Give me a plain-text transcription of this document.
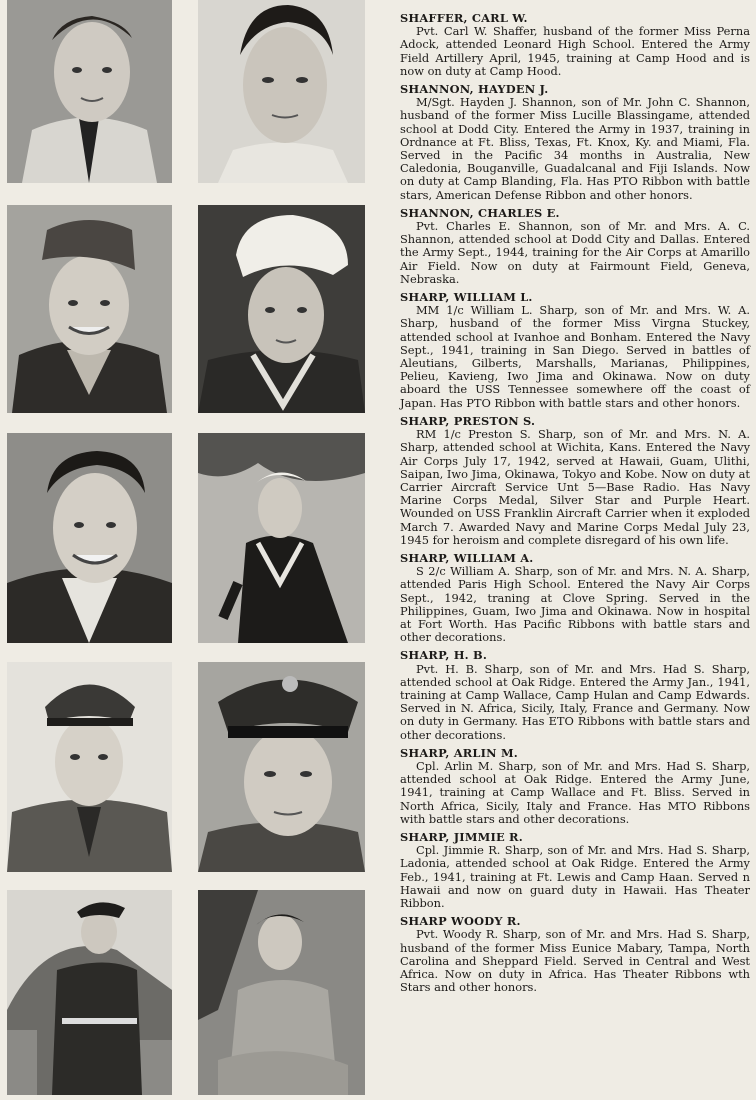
SHAFFER, CARL W.
Pvt. Carl W. Shaffer, husband of the former Miss Perna Adock, attended Leonard High School. Entered the Army Field Artillery April, 1945, training at Camp Hood and is now on duty at Camp Hood.
SHANNON, HAYDEN J.
M/Sgt. Hayden J. Shannon, son of Mr. John C. Shannon, husband of the former Miss Lucille Blassingame, attended school at Dodd City. Entered the Army in 1937, training in Ordnance at Ft. Bliss, Texas, Ft. Knox, Ky. and Miami, Fla. Served in the Pacific 34 months in Australia, New Caledonia, Bouganville, Guadalcanal and Fiji Islands. Now on duty at Camp Blanding, Fla. Has PTO Ribbon with battle stars, American Defense Ribbon and other honors.
SHANNON, CHARLES E.
Pvt. Charles E. Shannon, son of Mr. and Mrs. A. C. Shannon, attended school at Dodd City and Dallas. Entered the Army Sept., 1944, training for the Air Corps at Amarillo Air Field. Now on duty at Fairmount Field, Geneva, Nebraska.
SHARP, WILLIAM L.
MM 1/c William L. Sharp, son of Mr. and Mrs. W. A. Sharp, husband of the former Miss Virgna Stuckey, attended school at Ivanhoe and Bonham. Entered the Navy Sept., 1941, training in San Diego. Served in battles of Aleutians, Gilberts, Marshalls, Marianas, Philippines, Pelieu, Kavieng, Iwo Jima and Okinawa. Now on duty aboard the USS Tennessee somewhere off the coast of Japan. Has PTO Ribbon with battle stars and other honors.
SHARP, PRESTON S.
RM 1/c Preston S. Sharp, son of Mr. and Mrs. N. A. Sharp, attended school at Wichita, Kans. Entered the Navy Air Corps July 17, 1942, served at Hawaii, Guam, Ulithi, Saipan, Iwo Jima, Okinawa, Tokyo and Kobe. Now on duty at Carrier Aircraft Service Unt 5—Base Radio. Has Navy Marine Corps Medal, Silver Star and Purple Heart. Wounded on USS Franklin Aircraft Carrier when it exploded March 7. Awarded Navy and Marine Corps Medal July 23, 1945 for heroism and complete disregard of his own life.
SHARP, WILLIAM A.
S 2/c William A. Sharp, son of Mr. and Mrs. N. A. Sharp, attended Paris High School. Entered the Navy Air Corps Sept., 1942, traning at Clove Spring. Served in the Philippines, Guam, Iwo Jima and Okinawa. Now in hospital at Fort Worth. Has Pacific Ribbons with battle stars and other decorations.
SHARP, H. B.
Pvt. H. B. Sharp, son of Mr. and Mrs. Had S. Sharp, attended school at Oak Ridge. Entered the Army Jan., 1941, training at Camp Wallace, Camp Hulan and Camp Edwards. Served in N. Africa, Sicily, Italy, France and Germany. Now on duty in Germany. Has ETO Ribbons with battle stars and other decorations.
SHARP, ARLIN M.
Cpl. Arlin M. Sharp, son of Mr. and Mrs. Had S. Sharp, attended school at Oak Ridge. Entered the Army June, 1941, training at Camp Wallace and Ft. Bliss. Served in North Africa, Sicily, Italy and France. Has MTO Ribbons with battle stars and other decorations.
SHARP, JIMMIE R.
Cpl. Jimmie R. Sharp, son of Mr. and Mrs. Had S. Sharp, Ladonia, attended school at Oak Ridge. Entered the Army Feb., 1941, training at Ft. Lewis and Camp Haan. Served n Hawaii and now on guard duty in Hawaii. Has Theater Ribbon.
SHARP WOODY R.
Pvt. Woody R. Sharp, son of Mr. and Mrs. Had S. Sharp, husband of the former Miss Eunice Mabary, Tampa, North Carolina and Sheppard Field. Served in Central and West Africa. Now on duty in Africa. Has Theater Ribbons wth Stars and other honors.
